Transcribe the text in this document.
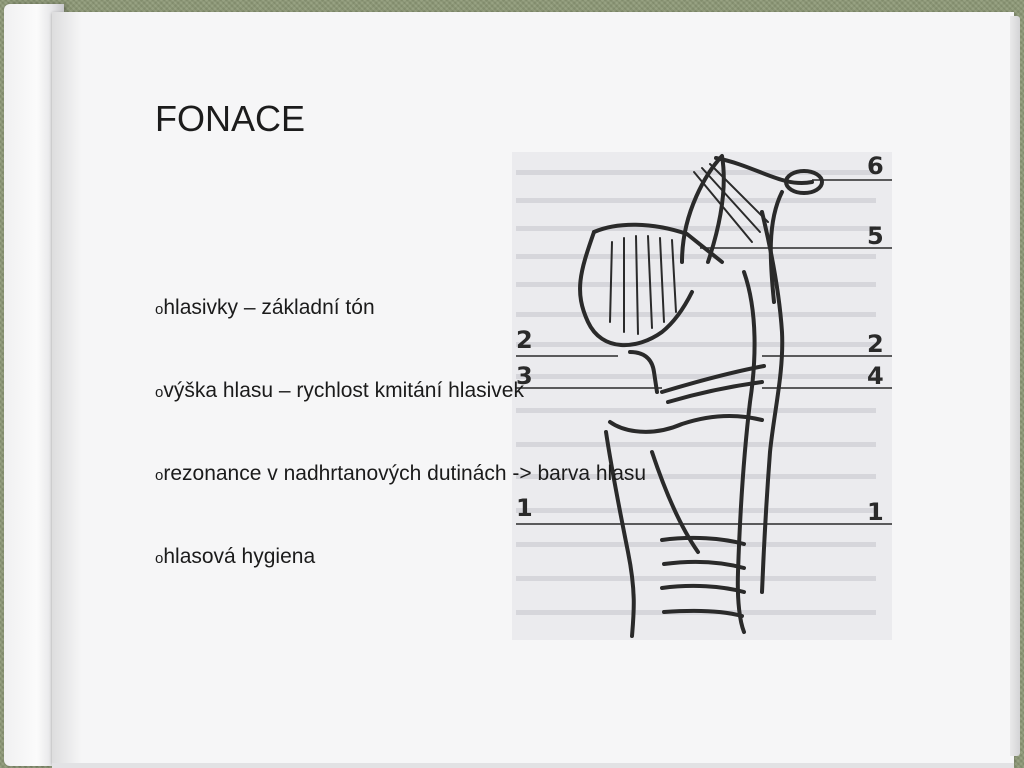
FONACE
6
5
2	2
3	4
1	1
ohlasivky – základní tón
ovýška hlasu – rychlost kmitání hlasivek
orezonance v nadhrtanových dutinách -> barva hlasu
ohlasová hygiena
